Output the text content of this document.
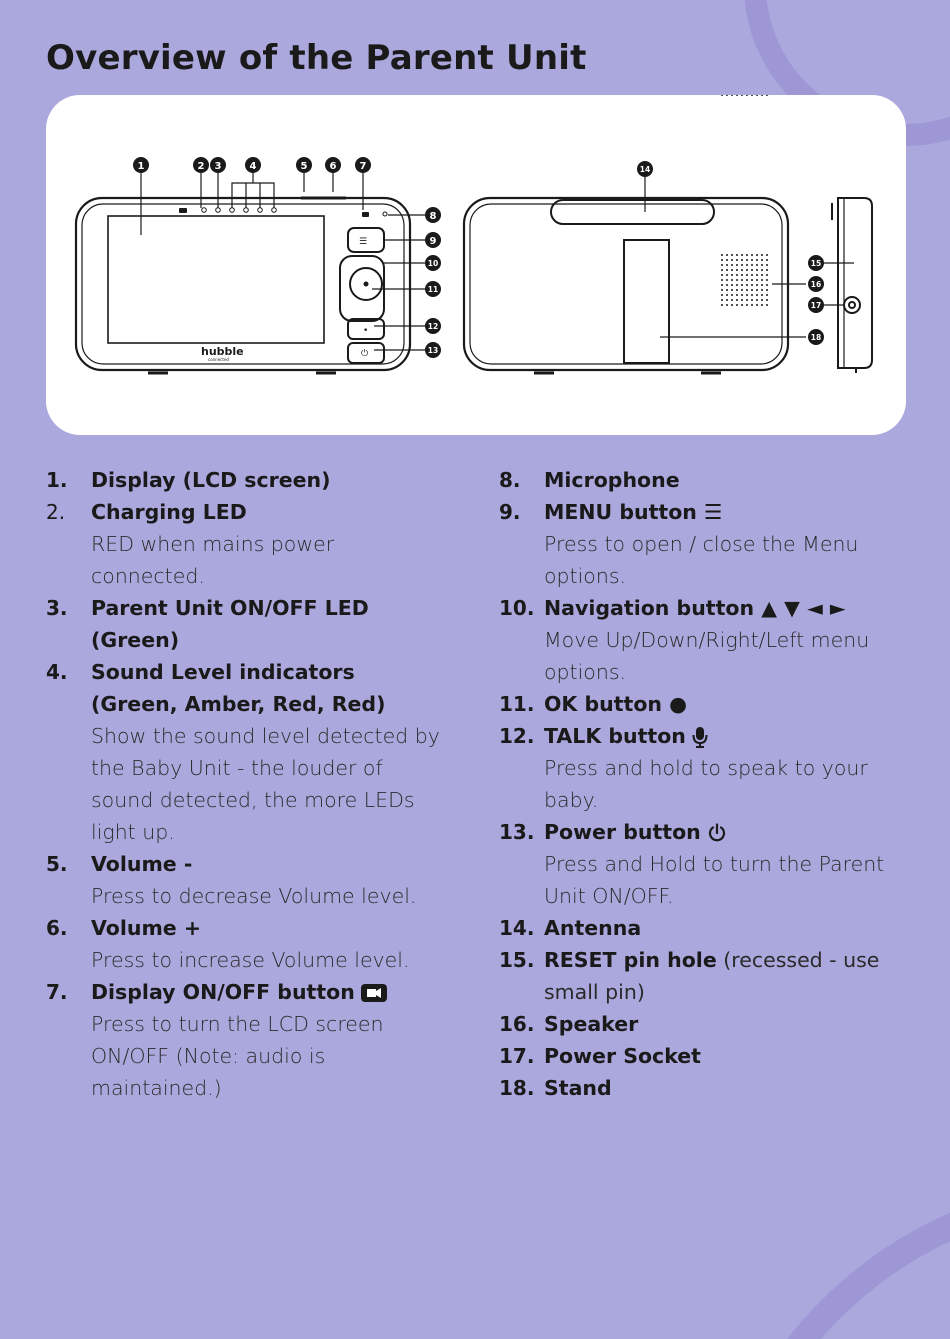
Overview of the Parent Unit
☰
•
⏻
hubble
connected
1	2 3	4	5 6 7
8
9
10
11
12
13
14
15
16
17
18
1.	Display (LCD screen)
2.	Charging LED
RED when mains power connected.
3.	Parent Unit ON/OFF LED (Green)
4.	Sound Level indicators (Green, Amber, Red, Red)
Show the sound level detected by the Baby Unit - the louder of sound detected, the more LEDs light up.
5.	Volume -
Press to decrease Volume level.
6.	Volume +
Press to increase Volume level.
7.	Display ON/OFF button
Press to turn the LCD screen ON/OFF (Note: audio is maintained.)
8.	Microphone
9.	MENU button ☰
Press to open / close the Menu options.
10. Navigation button ▲ ▼ ◄ ►
Move Up/Down/Right/Left menu options.
11. OK button ●
12. TALK button
Press and hold to speak to your baby.
13. Power button
Press and Hold to turn the Parent Unit ON/OFF.
14. Antenna
15. RESET pin hole (recessed - use small pin)
16. Speaker
17. Power Socket
18. Stand
